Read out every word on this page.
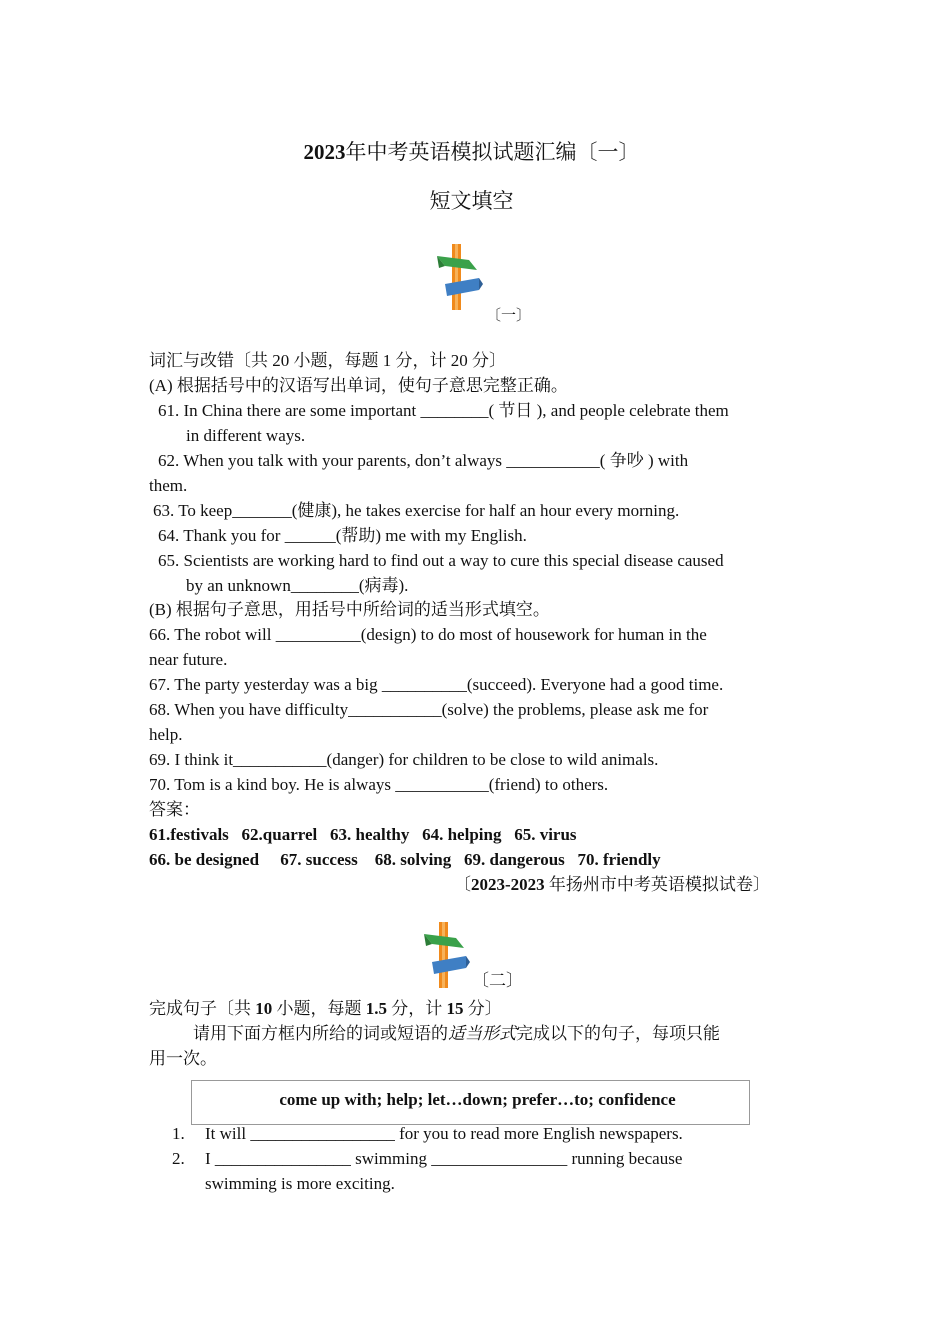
2023年中考英语模拟试题汇编〔一〕
短文填空
〔一〕
词汇与改错〔共 20 小题，每题 1 分，计 20 分〕
(A) 根据括号中的汉语写出单词，使句子意思完整正确。
61. In China there are some important ________( 节日 ), and people celebrate them
in different ways.
62. When you talk with your parents, don’t always ___________( 争吵 ) with
them.
63. To keep_______(健康), he takes exercise for half an hour every morning.
64. Thank you for ______(帮助) me with my English.
65. Scientists are working hard to find out a way to cure this special disease caused
by an unknown________(病毒).
(B) 根据句子意思，用括号中所给词的适当形式填空。
66. The robot will __________(design) to do most of housework for human in the
near future.
67. The party yesterday was a big __________(succeed). Everyone had a good time.
68. When you have difficulty___________(solve) the problems, please ask me for
help.
69. I think it___________(danger) for children to be close to wild animals.
70. Tom is a kind boy. He is always ___________(friend) to others.
答案：
61.festivals   62.quarrel   63. healthy   64. helping   65. virus
66. be designed     67. success    68. solving   69. dangerous   70. friendly
〔2023-2023 年扬州市中考英语模拟试卷〕
〔二〕
完成句子〔共 10 小题，每题 1.5 分，计 15 分〕
请用下面方框内所给的词或短语的适当形式完成以下的句子，每项只能
用一次。
come up with; help; let…down; prefer…to; confidence
1. It will _________________ for you to read more English newspapers.
2. I ________________ swimming ________________ running because
swimming is more exciting.
